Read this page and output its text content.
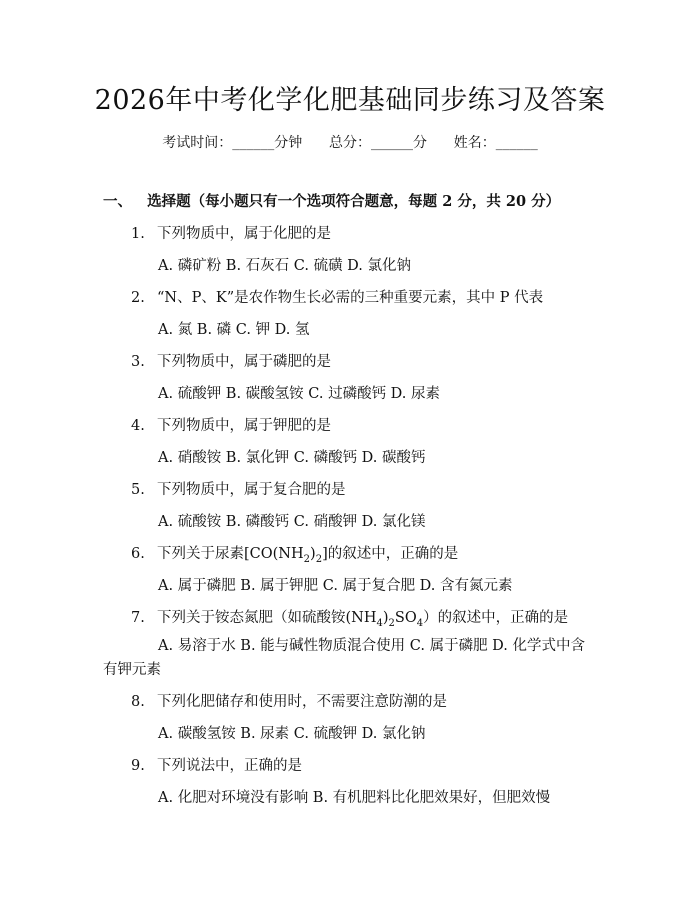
2026年中考化学化肥基础同步练习及答案
考试时间：______分钟 总分：______分 姓名：______
一、 选择题（每小题只有一个选项符合题意，每题 2 分，共 20 分）
1. 下列物质中，属于化肥的是
A. 磷矿粉 B. 石灰石 C. 硫磺 D. 氯化钠
2. “N、P、K”是农作物生长必需的三种重要元素，其中 P 代表
A. 氮 B. 磷 C. 钾 D. 氢
3. 下列物质中，属于磷肥的是
A. 硫酸钾 B. 碳酸氢铵 C. 过磷酸钙 D. 尿素
4. 下列物质中，属于钾肥的是
A. 硝酸铵 B. 氯化钾 C. 磷酸钙 D. 碳酸钙
5. 下列物质中，属于复合肥的是
A. 硫酸铵 B. 磷酸钙 C. 硝酸钾 D. 氯化镁
6. 下列关于尿素$[CO(NH_2)_2]$的叙述中，正确的是
A. 属于磷肥 B. 属于钾肥 C. 属于复合肥 D. 含有氮元素
7. 下列关于铵态氮肥（如硫酸铵$(NH_4)_2SO_4$）的叙述中，正确的是
A. 易溶于水 B. 能与碱性物质混合使用 C. 属于磷肥 D. 化学式中含有钾元素
8. 下列化肥储存和使用时，不需要注意防潮的是
A. 碳酸氢铵 B. 尿素 C. 硫酸钾 D. 氯化钠
9. 下列说法中，正确的是
A. 化肥对环境没有影响 B. 有机肥料比化肥效果好，但肥效慢
